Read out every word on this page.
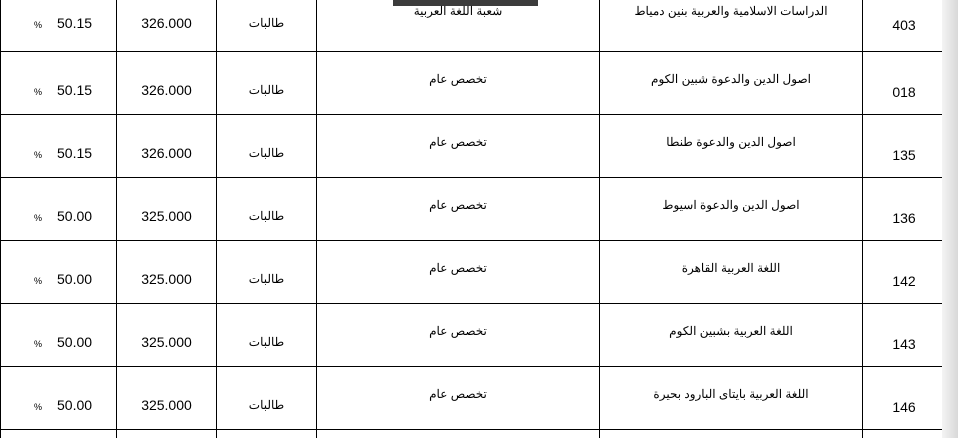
% 50.15	326.000	طالبات	شعبة اللغة العربية	الدراسات الاسلامية والعربية بنين دمياط	403

% 50.15	326.000	طالبات	تخصص عام	اصول الدين والدعوة شبين الكوم	018

% 50.15	326.000	طالبات	تخصص عام	اصول الدين والدعوة طنطا	135

% 50.00	325.000	طالبات	تخصص عام	اصول الدين والدعوة اسيوط	136

% 50.00	325.000	طالبات	تخصص عام	اللغة العربية القاهرة	142

% 50.00	325.000	طالبات	تخصص عام	اللغة العربية بشبين الكوم	143

% 50.00	325.000	طالبات	تخصص عام	اللغة العربية بايتاى البارود بحيرة	146
